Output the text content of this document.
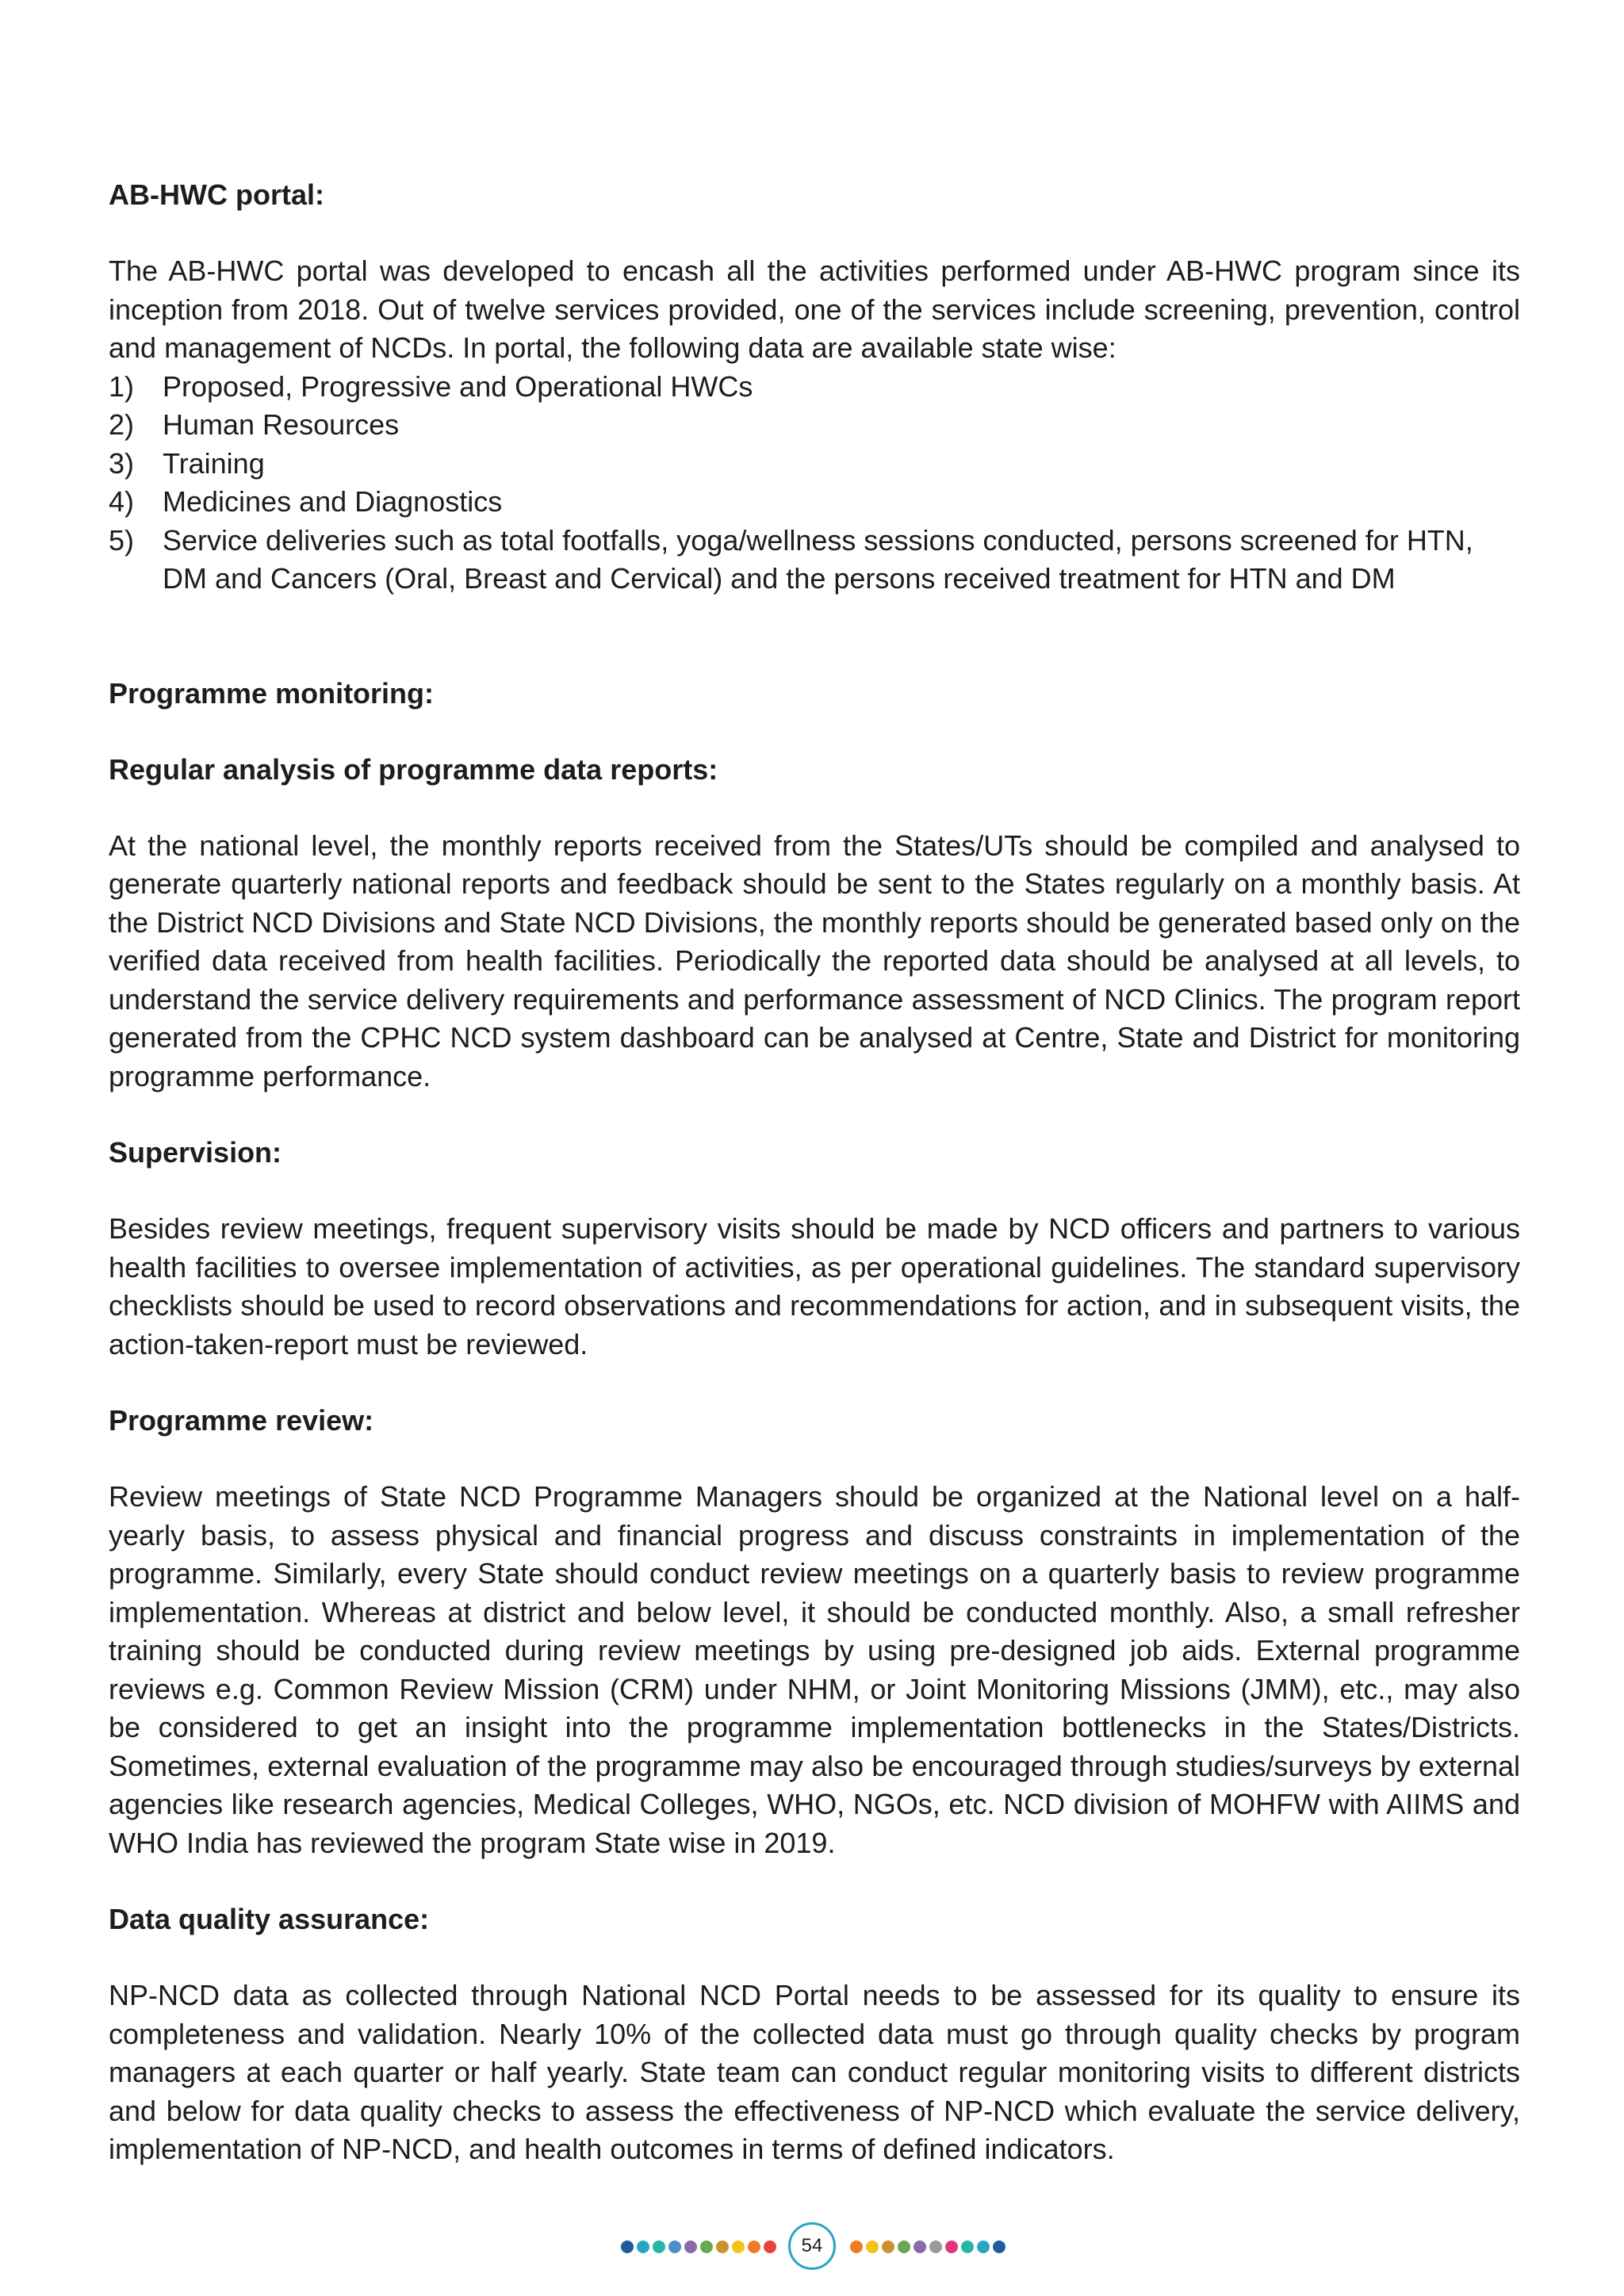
AB-HWC portal:

The AB-HWC portal was developed to encash all the activities performed under AB-HWC program since its inception from 2018. Out of twelve services provided, one of the services include screening, prevention, control and management of NCDs. In portal, the following data are available state wise:

1) Proposed, Progressive and Operational HWCs
2) Human Resources
3) Training
4) Medicines and Diagnostics
5) Service deliveries such as total footfalls, yoga/wellness sessions conducted, persons screened for HTN, DM and Cancers (Oral, Breast and Cervical) and the persons received treatment for HTN and DM
Programme monitoring:
Regular analysis of programme data reports:

At the national level, the monthly reports received from the States/UTs should be compiled and analysed to generate quarterly national reports and feedback should be sent to the States regularly on a monthly basis. At the District NCD Divisions and State NCD Divisions, the monthly reports should be generated based only on the verified data received from health facilities. Periodically the reported data should be analysed at all levels, to understand the service delivery requirements and performance assessment of NCD Clinics. The program report generated from the CPHC NCD system dashboard can be analysed at Centre, State and District for monitoring programme performance.

Supervision:

Besides review meetings, frequent supervisory visits should be made by NCD officers and partners to various health facilities to oversee implementation of activities, as per operational guidelines. The standard supervisory checklists should be used to record observations and recommendations for action, and in subsequent visits, the action-taken-report must be reviewed.

Programme review:

Review meetings of State NCD Programme Managers should be organized at the National level on a half-yearly basis, to assess physical and financial progress and discuss constraints in implementation of the programme. Similarly, every State should conduct review meetings on a quarterly basis to review programme implementation. Whereas at district and below level, it should be conducted monthly. Also, a small refresher training should be conducted during review meetings by using pre-designed job aids. External programme reviews e.g. Common Review Mission (CRM) under NHM, or Joint Monitoring Missions (JMM), etc., may also be considered to get an insight into the programme implementation bottlenecks in the States/Districts. Sometimes, external evaluation of the programme may also be encouraged through studies/surveys by external agencies like research agencies, Medical Colleges, WHO, NGOs, etc. NCD division of MOHFW with AIIMS and WHO India has reviewed the program State wise in 2019.

Data quality assurance:

NP-NCD data as collected through National NCD Portal needs to be assessed for its quality to ensure its completeness and validation. Nearly 10% of the collected data must go through quality checks by program managers at each quarter or half yearly. State team can conduct regular monitoring visits to different districts and below for data quality checks to assess the effectiveness of NP-NCD which evaluate the service delivery, implementation of NP-NCD, and health outcomes in terms of defined indicators.

54
